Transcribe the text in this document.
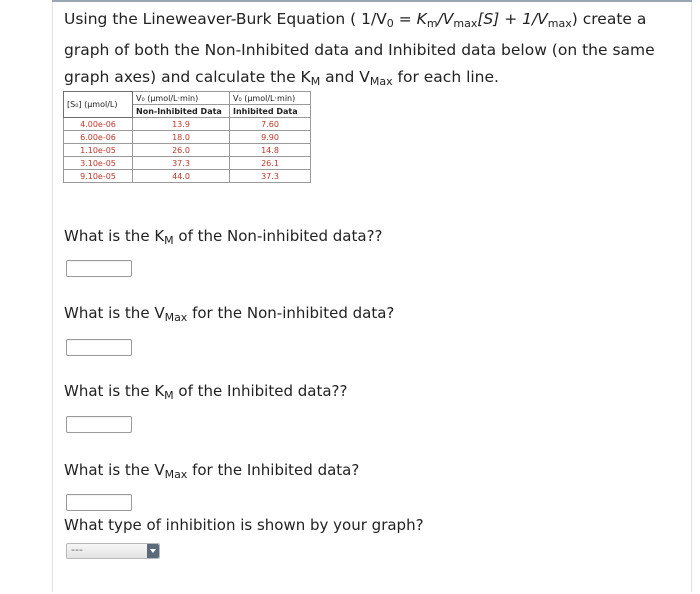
Using the Lineweaver-Burk Equation ( $1/V_0 = K_m/V_{max}[S] + 1/V_{max}$) create a graph of both the Non-Inhibited data and Inhibited data below (on the same graph axes) and calculate the $K_M$ and $V_{Max}$ for each line.
[S₀] (μmol/L)	V₀ (μmol/L·min)	V₀ (μmol/L·min)
	Non-Inhibited Data	Inhibited Data
4.00e-06	13.9	7.60
6.00e-06	18.0	9.90
1.10e-05	26.0	14.8
3.10e-05	37.3	26.1
9.10e-05	44.0	37.3
What is the $K_M$ of the Non-inhibited data??
What is the $V_{Max}$ for the Non-inhibited data?
What is the $K_M$ of the Inhibited data??
What is the $V_{Max}$ for the Inhibited data?
What type of inhibition is shown by your graph?
---
